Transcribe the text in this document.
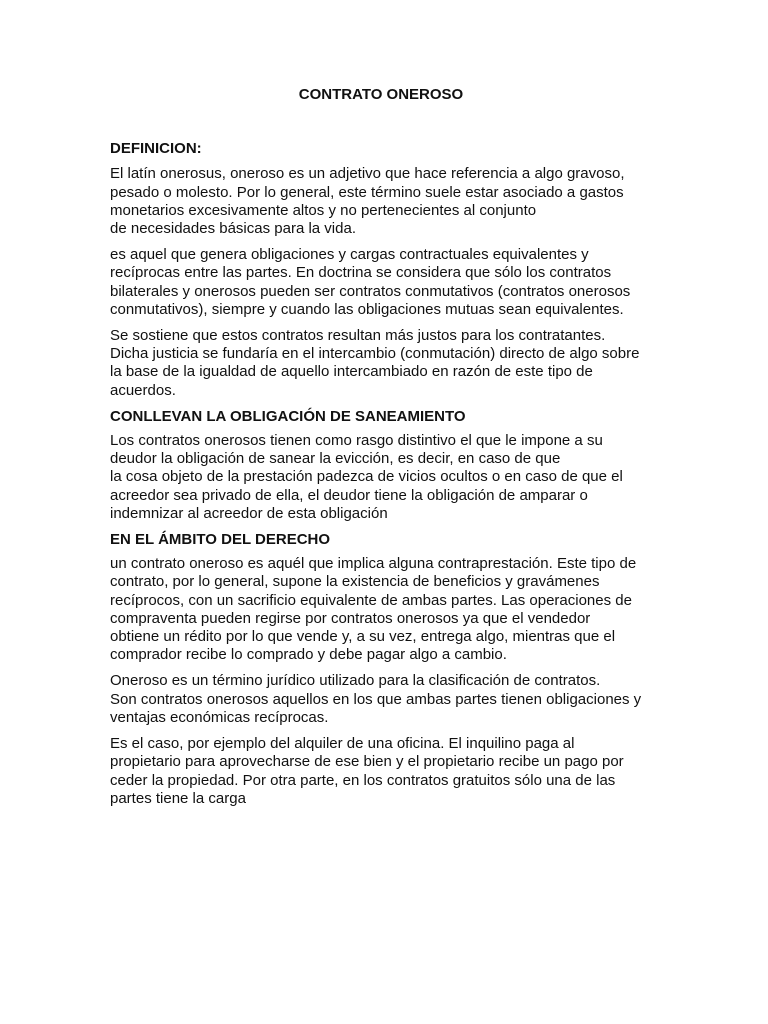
CONTRATO ONEROSO

DEFINICION:

El latín onerosus, oneroso es un adjetivo que hace referencia a algo gravoso,
pesado o molesto. Por lo general, este término suele estar asociado a gastos
monetarios excesivamente altos y no pertenecientes al conjunto
de necesidades básicas para la vida.

es aquel que genera obligaciones y cargas contractuales equivalentes y
recíprocas entre las partes. En doctrina se considera que sólo los contratos
bilaterales y onerosos pueden ser contratos conmutativos (contratos onerosos
conmutativos), siempre y cuando las obligaciones mutuas sean equivalentes.

Se sostiene que estos contratos resultan más justos para los contratantes.
Dicha justicia se fundaría en el intercambio (conmutación) directo de algo sobre
la base de la igualdad de aquello intercambiado en razón de este tipo de
acuerdos.

CONLLEVAN LA OBLIGACIÓN DE SANEAMIENTO

Los contratos onerosos tienen como rasgo distintivo el que le impone a su
deudor la obligación de sanear la evicción, es decir, en caso de que
la cosa objeto de la prestación padezca de vicios ocultos o en caso de que el
acreedor sea privado de ella, el deudor tiene la obligación de amparar o
indemnizar al acreedor de esta obligación

EN EL ÁMBITO DEL DERECHO

un contrato oneroso es aquél que implica alguna contraprestación. Este tipo de
contrato, por lo general, supone la existencia de beneficios y gravámenes
recíprocos, con un sacrificio equivalente de ambas partes. Las operaciones de
compraventa pueden regirse por contratos onerosos ya que el vendedor
obtiene un rédito por lo que vende y, a su vez, entrega algo, mientras que el
comprador recibe lo comprado y debe pagar algo a cambio.

Oneroso es un término jurídico utilizado para la clasificación de contratos.
Son contratos onerosos aquellos en los que ambas partes tienen obligaciones y
ventajas económicas recíprocas.

Es el caso, por ejemplo del alquiler de una oficina. El inquilino paga al
propietario para aprovecharse de ese bien y el propietario recibe un pago por
ceder la propiedad. Por otra parte, en los contratos gratuitos sólo una de las
partes tiene la carga
